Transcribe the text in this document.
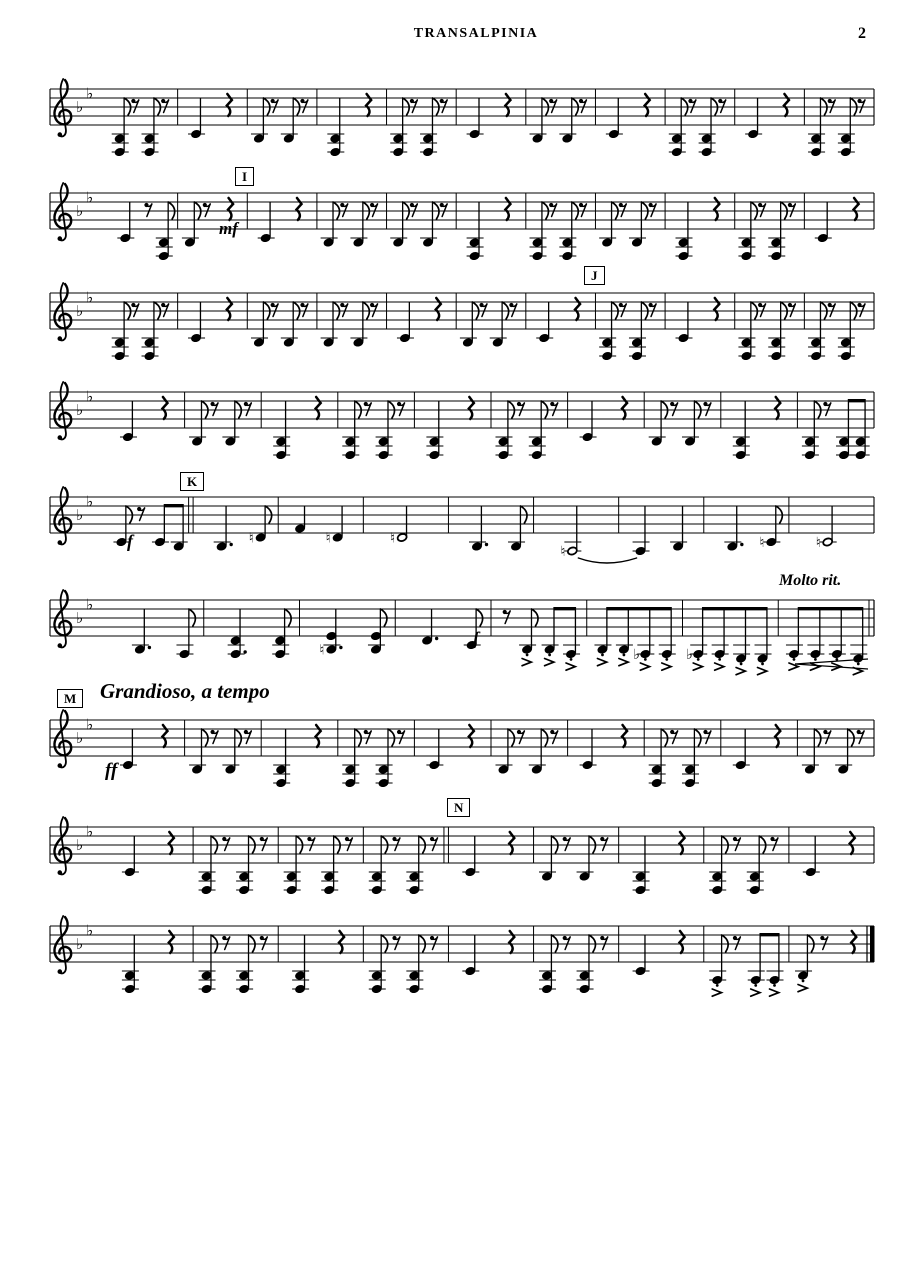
TRANSALPINIA	2
♭
♭
♭
♭
♭
♭
♭
♭
♭
♭
♮	♮	♮
♮
♮	♮
♭
♭
♮	♭	♭
♭
♭
♭
♭
♭
♭
I
J
K
M
N
Molto rit.
Grandioso, a tempo
mf
f
f
ff
